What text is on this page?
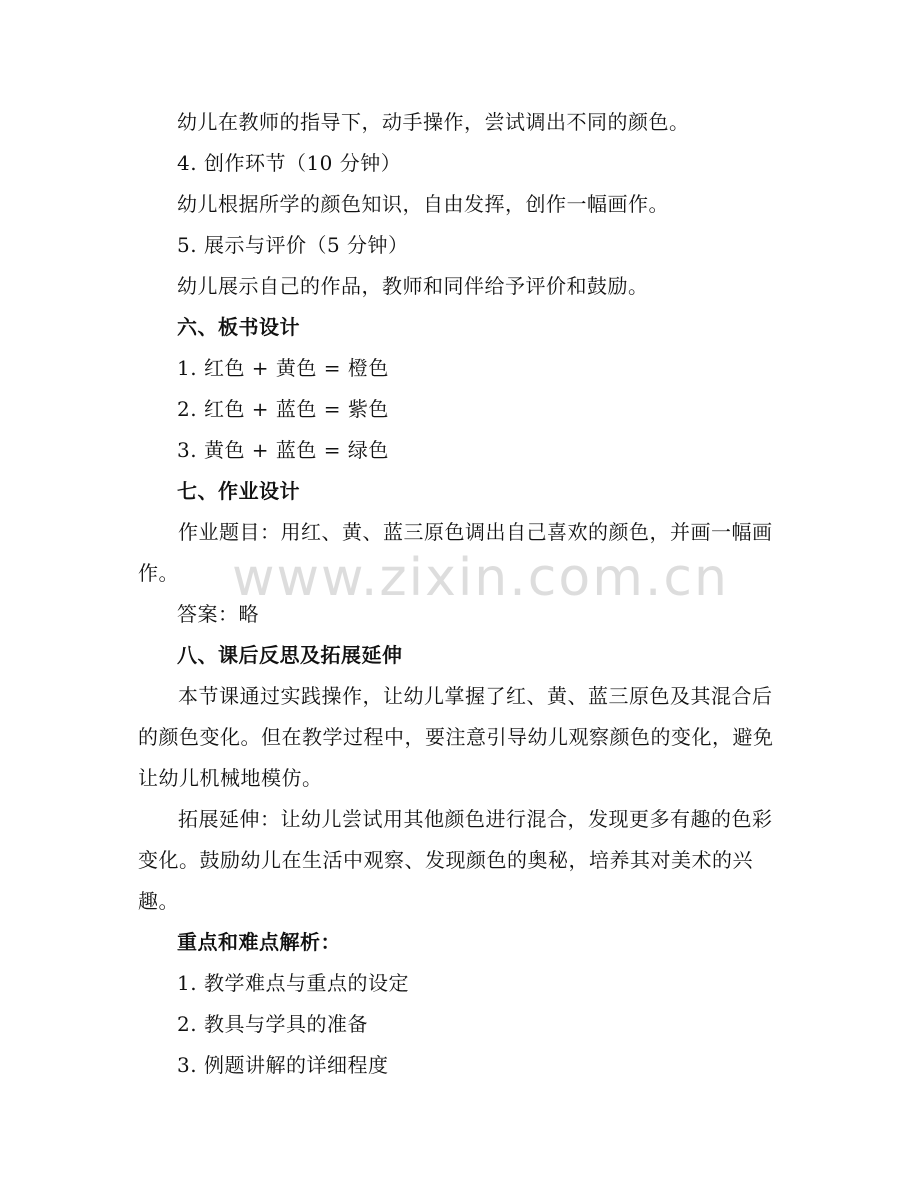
幼儿在教师的指导下，动手操作，尝试调出不同的颜色。
4. 创作环节（10 分钟）
幼儿根据所学的颜色知识，自由发挥，创作一幅画作。
5. 展示与评价（5 分钟）
幼儿展示自己的作品，教师和同伴给予评价和鼓励。
六、板书设计
1. 红色 + 黄色 = 橙色
2. 红色 + 蓝色 = 紫色
3. 黄色 + 蓝色 = 绿色
七、作业设计

作业题目：用红、黄、蓝三原色调出自己喜欢的颜色，并画一幅画作。

答案：略
八、课后反思及拓展延伸

本节课通过实践操作，让幼儿掌握了红、黄、蓝三原色及其混合后的颜色变化。但在教学过程中，要注意引导幼儿观察颜色的变化，避免让幼儿机械地模仿。

拓展延伸：让幼儿尝试用其他颜色进行混合，发现更多有趣的色彩变化。鼓励幼儿在生活中观察、发现颜色的奥秘，培养其对美术的兴趣。

重点和难点解析：
1. 教学难点与重点的设定
2. 教具与学具的准备
3. 例题讲解的详细程度
www.zixin.com.cn
